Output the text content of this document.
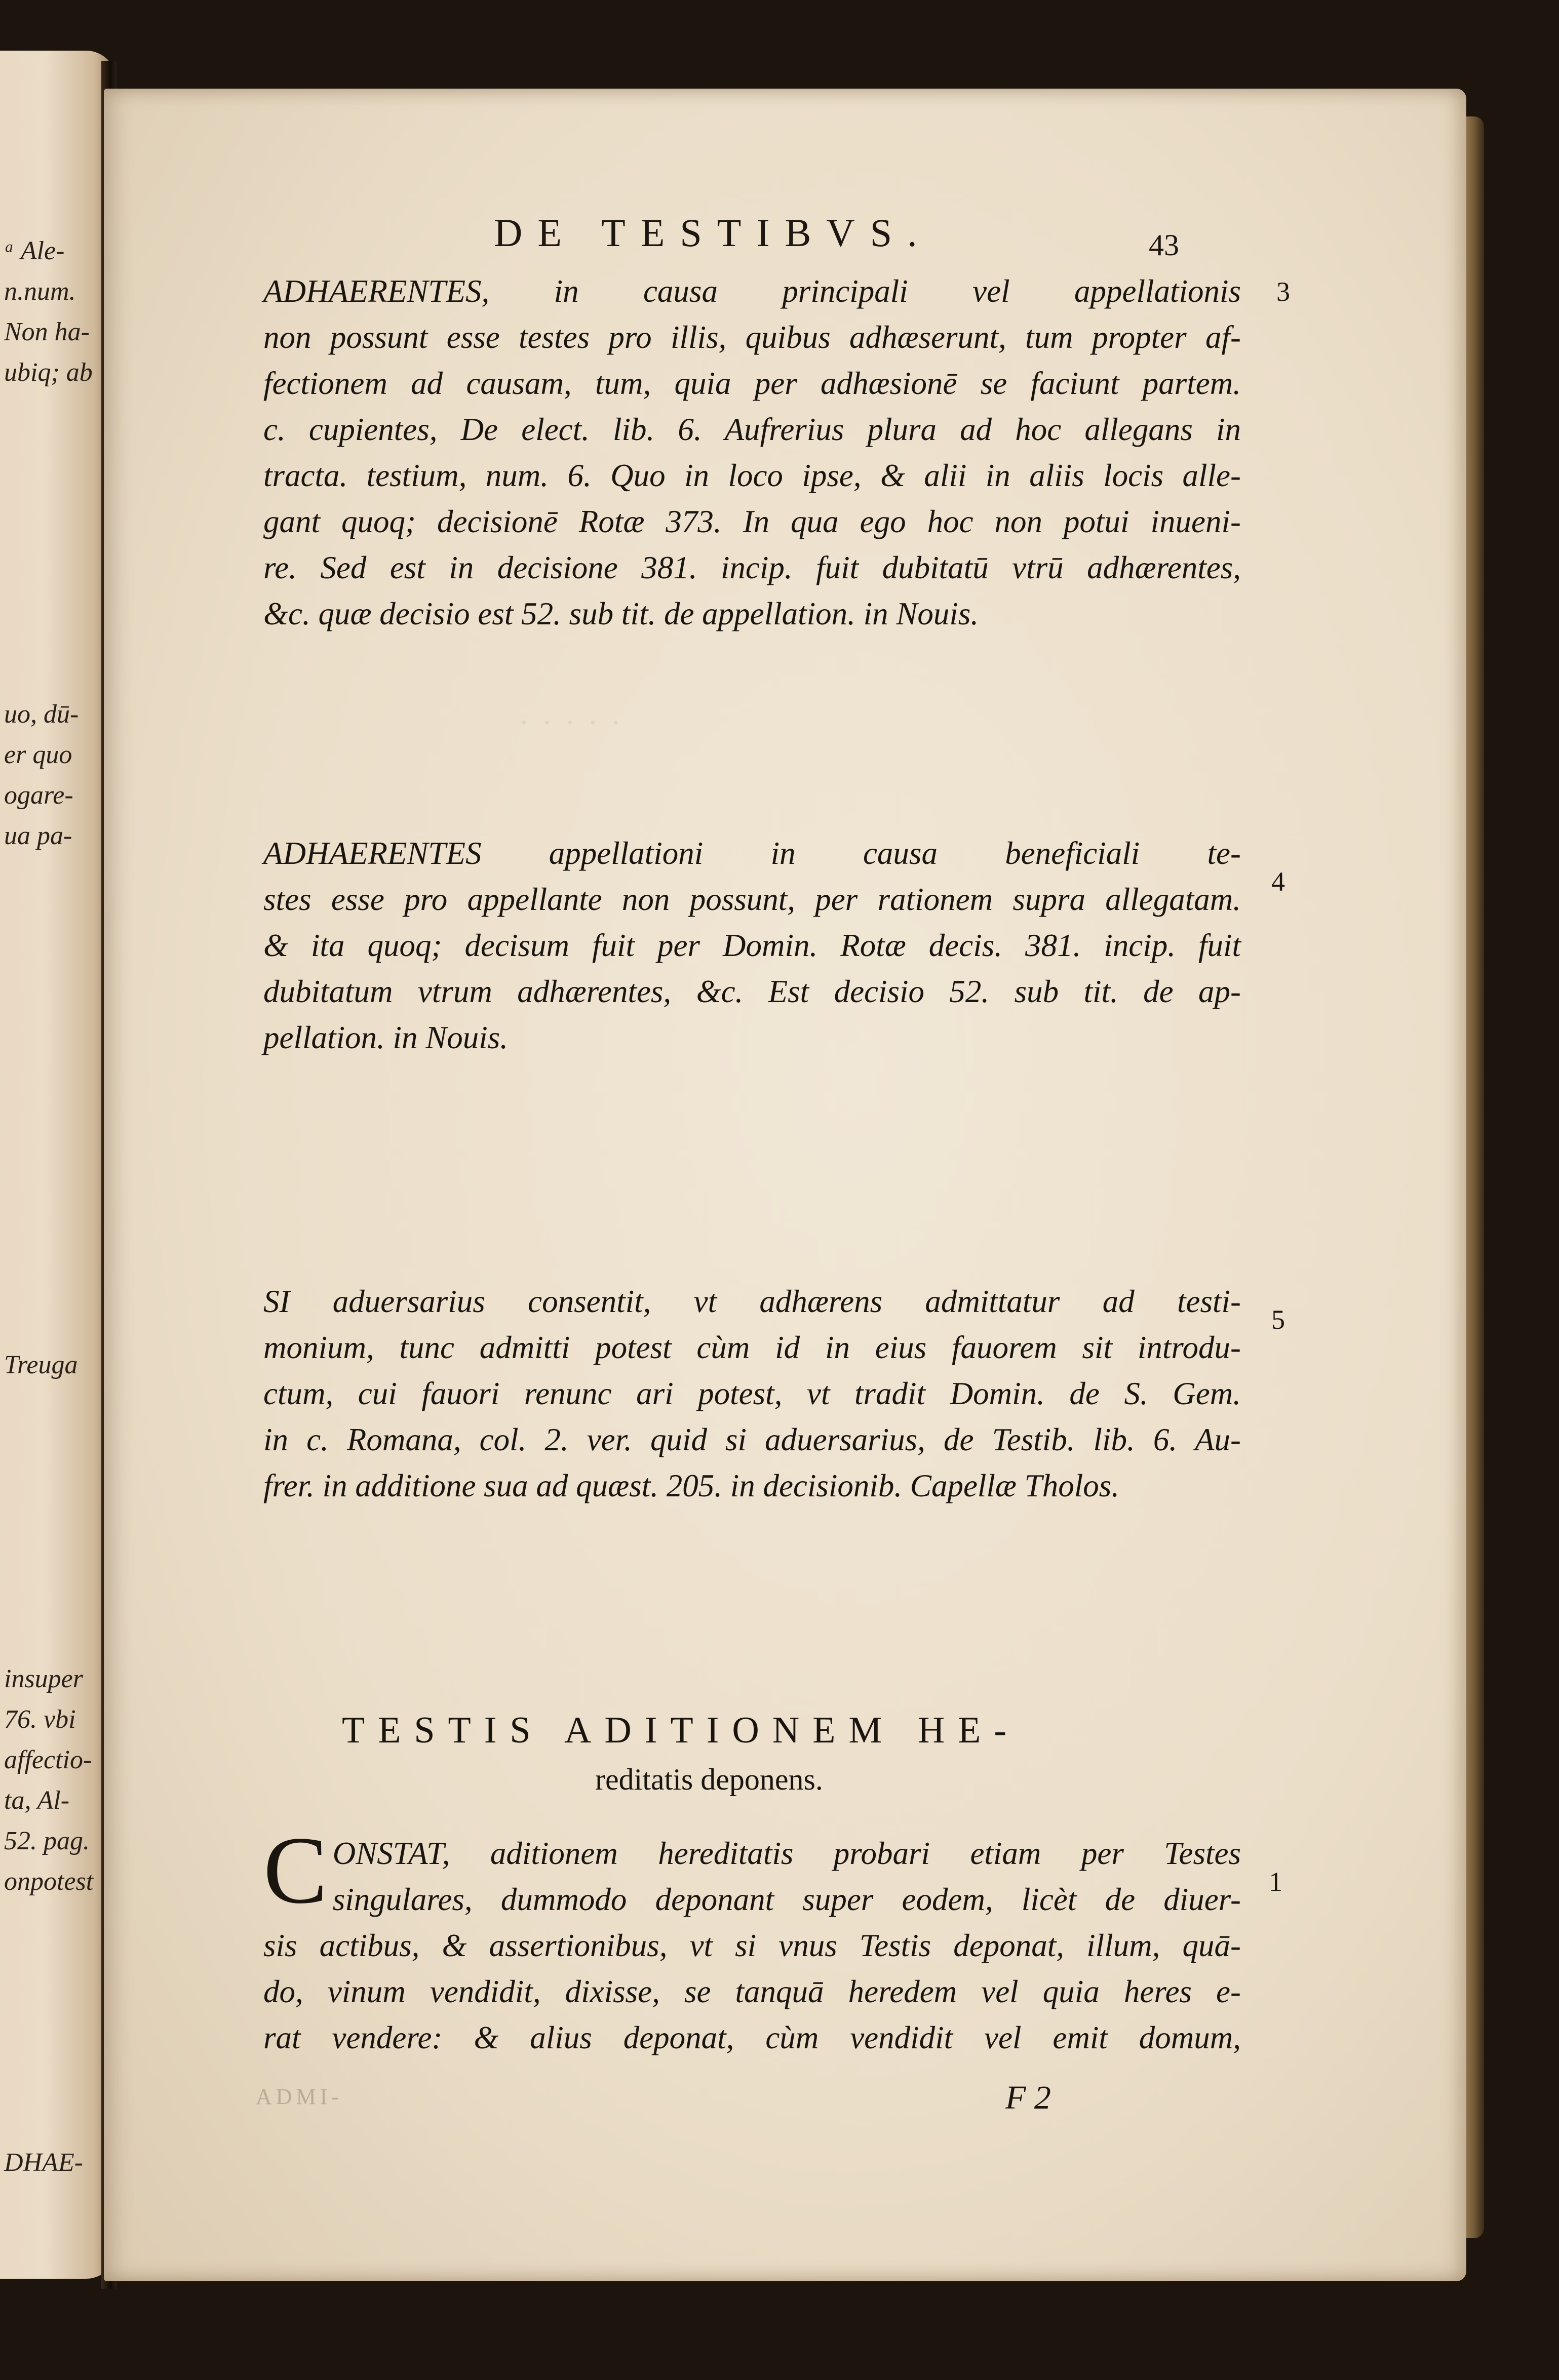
ᵃ Ale-
n.num.
Non ha-
ubiq; ab
uo, dū-
er quo
ogare-
ua pa-
Treuga
insuper
76. vbi
affectio-
ta, Al-
52. pag.
onpotest
DHAE-
·····
DE TESTIBVS.	43
ADHAERENTES, in causa principali vel appellationis
non possunt esse testes pro illis, quibus adhæserunt, tum propter af-
fectionem ad causam, tum, quia per adhæsionē se faciunt partem.
c. cupientes, De elect. lib. 6. Aufrerius plura ad hoc allegans in
tracta. testium, num. 6. Quo in loco ipse, & alii in aliis locis alle-
gant quoq; decisionē Rotæ 373. In qua ego hoc non potui inueni-
re. Sed est in decisione 381. incip. fuit dubitatū vtrū adhærentes,
&c. quæ decisio est 52. sub tit. de appellation. in Nouis.
3
ADHAERENTES appellationi in causa beneficiali te-
stes esse pro appellante non possunt, per rationem supra allegatam.
& ita quoq; decisum fuit per Domin. Rotæ decis. 381. incip. fuit
dubitatum vtrum adhærentes, &c. Est decisio 52. sub tit. de ap-
pellation. in Nouis.
4
SI aduersarius consentit, vt adhærens admittatur ad testi-
monium, tunc admitti potest cùm id in eius fauorem sit introdu-
ctum, cui fauori renunc ari potest, vt tradit Domin. de S. Gem.
in c. Romana, col. 2. ver. quid si aduersarius, de Testib. lib. 6. Au-
frer. in additione sua ad quæst. 205. in decisionib. Capellæ Tholos.
5
TESTIS ADITIONEM HE-
reditatis deponens.
C ONSTAT, aditionem hereditatis probari etiam per Testes
singulares, dummodo deponant super eodem, licèt de diuer-
sis actibus, & assertionibus, vt si vnus Testis deponat, illum, quā-
do, vinum vendidit, dixisse, se tanquā heredem vel quia heres e-
rat vendere: & alius deponat, cùm vendidit vel emit domum,
1
ADMI-	F 2
